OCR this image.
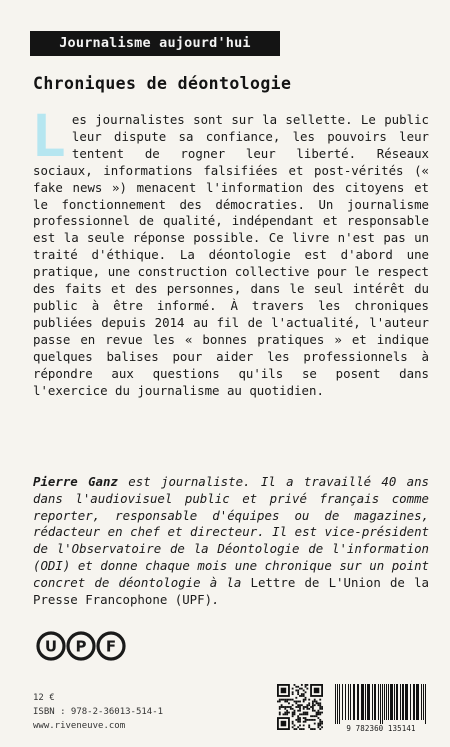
Journalisme aujourd'hui
Chroniques de déontologie

Les journalistes sont sur la sellette. Le public leur dispute sa confiance, les pouvoirs leur tentent de rogner leur liberté. Réseaux sociaux, informations falsifiées et post-vérités (« fake news ») menacent l'information des citoyens et le fonctionnement des démocraties. Un journalisme professionnel de qualité, indépendant et responsable est la seule réponse possible. Ce livre n'est pas un traité d'éthique. La déontologie est d'abord une pratique, une construction collective pour le respect des faits et des personnes, dans le seul intérêt du public à être informé. À travers les chroniques publiées depuis 2014 au fil de l'actualité, l'auteur passe en revue les « bonnes pratiques » et indique quelques balises pour aider les professionnels à répondre aux questions qu'ils se posent dans l'exercice du journalisme au quotidien.

Pierre Ganz est journaliste. Il a travaillé 40 ans dans l'audiovisuel public et privé français comme reporter, responsable d'équipes ou de magazines, rédacteur en chef et directeur. Il est vice-président de l'Observatoire de la Déontologie de l'information (ODI) et donne chaque mois une chronique sur un point concret de déontologie à la Lettre de L'Union de la Presse Francophone (UPF).

U P F
12 €
ISBN : 978-2-36013-514-1
www.riveneuve.com	9 782360 135141
